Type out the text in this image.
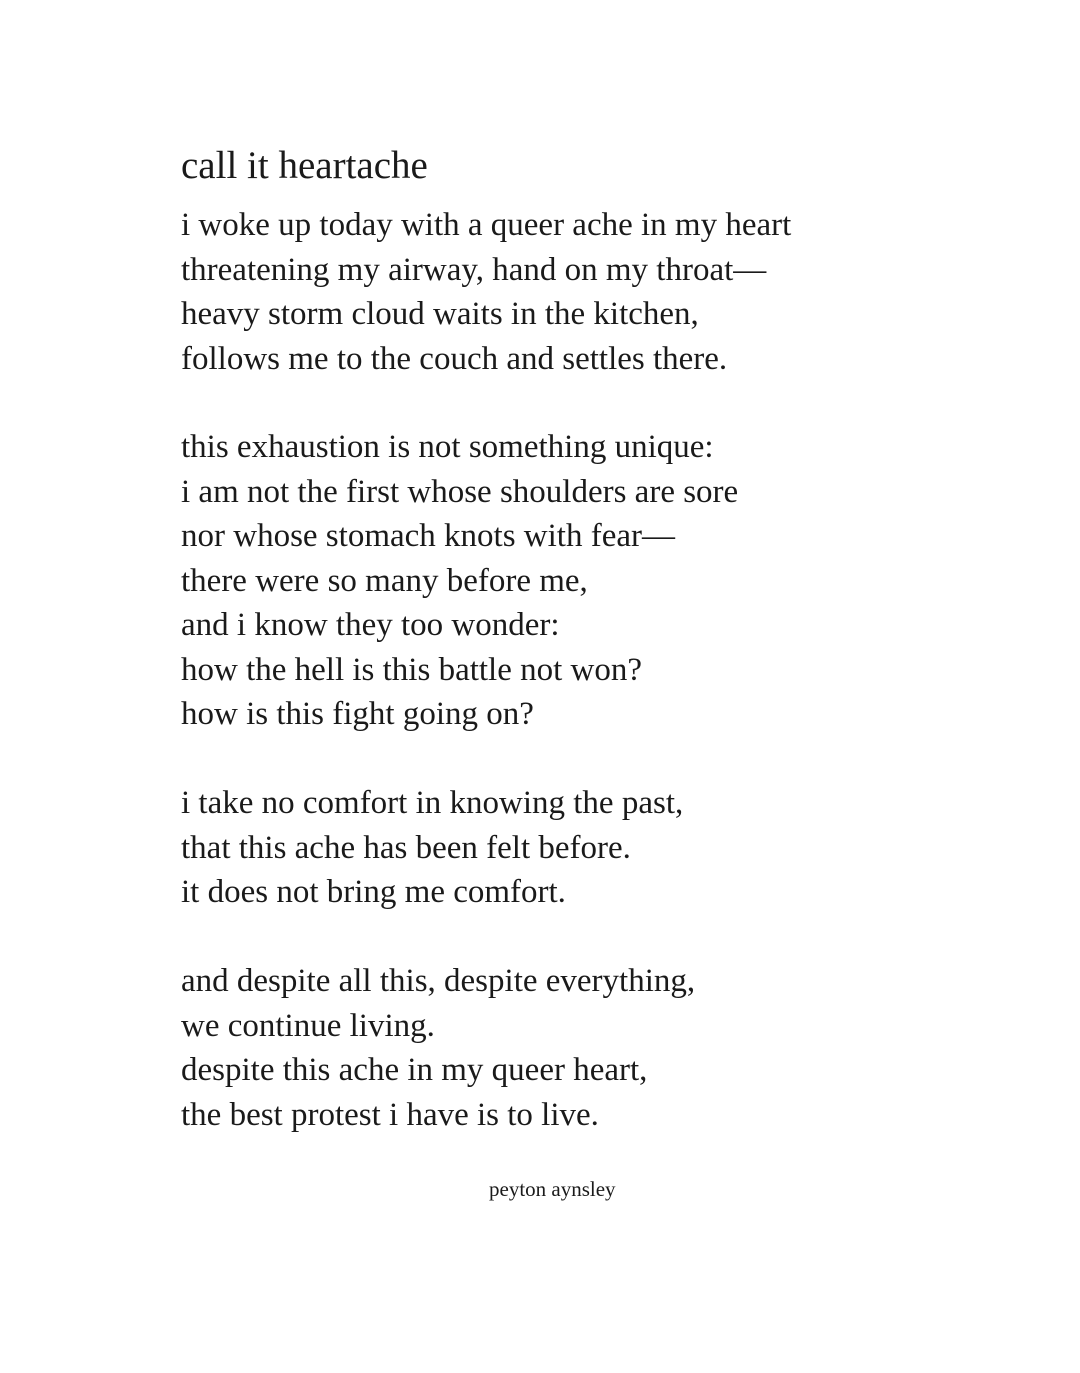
call it heartache

i woke up today with a queer ache in my heart
threatening my airway, hand on my throat—
heavy storm cloud waits in the kitchen,
follows me to the couch and settles there.

this exhaustion is not something unique:
i am not the first whose shoulders are sore
nor whose stomach knots with fear—
there were so many before me,
and i know they too wonder:
how the hell is this battle not won?
how is this fight going on?

i take no comfort in knowing the past,
that this ache has been felt before.
it does not bring me comfort.

and despite all this, despite everything,
we continue living.
despite this ache in my queer heart,
the best protest i have is to live.

peyton aynsley
